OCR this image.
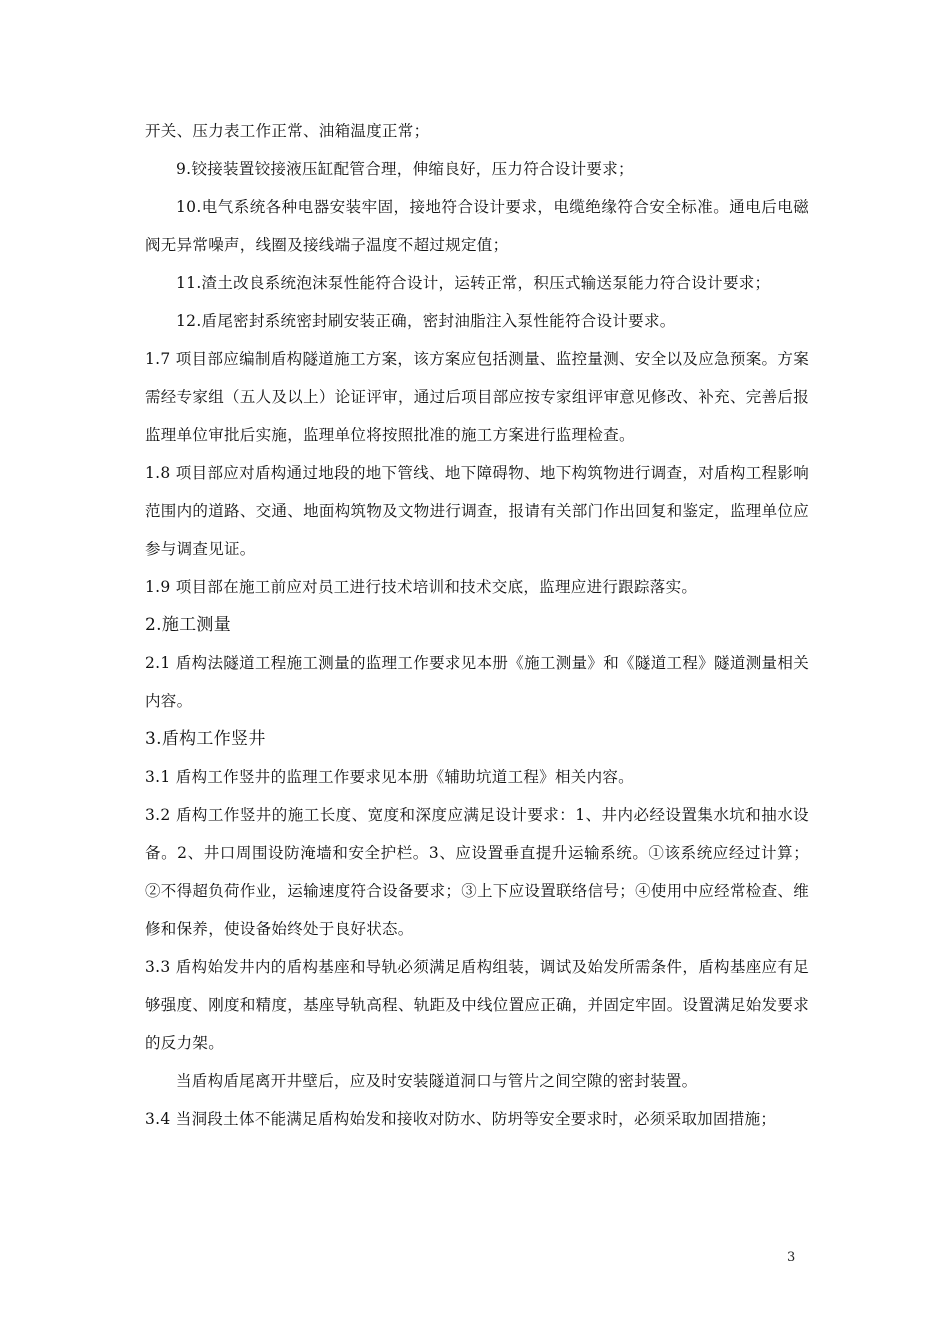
开关、压力表工作正常、油箱温度正常；

9.铰接装置铰接液压缸配管合理，伸缩良好，压力符合设计要求；

10.电气系统各种电器安装牢固，接地符合设计要求，电缆绝缘符合安全标准。通电后电磁阀无异常噪声，线圈及接线端子温度不超过规定值；

11.渣土改良系统泡沫泵性能符合设计，运转正常，积压式输送泵能力符合设计要求；

12.盾尾密封系统密封刷安装正确，密封油脂注入泵性能符合设计要求。

1.7 项目部应编制盾构隧道施工方案，该方案应包括测量、监控量测、安全以及应急预案。方案需经专家组（五人及以上）论证评审，通过后项目部应按专家组评审意见修改、补充、完善后报监理单位审批后实施，监理单位将按照批准的施工方案进行监理检查。

1.8 项目部应对盾构通过地段的地下管线、地下障碍物、地下构筑物进行调查，对盾构工程影响范围内的道路、交通、地面构筑物及文物进行调查，报请有关部门作出回复和鉴定，监理单位应参与调查见证。

1.9 项目部在施工前应对员工进行技术培训和技术交底，监理应进行跟踪落实。

2.施工测量

2.1 盾构法隧道工程施工测量的监理工作要求见本册《施工测量》和《隧道工程》隧道测量相关内容。

3.盾构工作竖井

3.1 盾构工作竖井的监理工作要求见本册《辅助坑道工程》相关内容。

3.2 盾构工作竖井的施工长度、宽度和深度应满足设计要求：1、井内必经设置集水坑和抽水设备。2、井口周围设防淹墙和安全护栏。3、应设置垂直提升运输系统。①该系统应经过计算；②不得超负荷作业，运输速度符合设备要求；③上下应设置联络信号；④使用中应经常检查、维修和保养，使设备始终处于良好状态。

3.3 盾构始发井内的盾构基座和导轨必须满足盾构组装，调试及始发所需条件，盾构基座应有足够强度、刚度和精度，基座导轨高程、轨距及中线位置应正确，并固定牢固。设置满足始发要求的反力架。

当盾构盾尾离开井壁后，应及时安装隧道洞口与管片之间空隙的密封装置。

3.4 当洞段土体不能满足盾构始发和接收对防水、防坍等安全要求时，必须采取加固措施；

3
